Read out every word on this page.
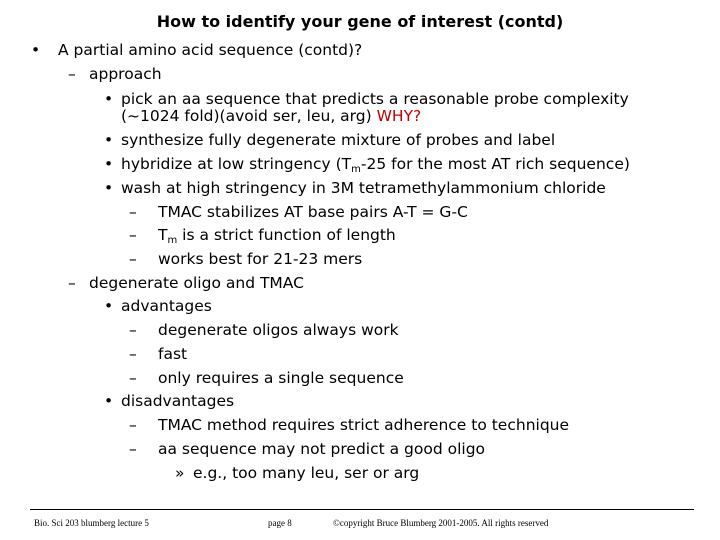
How to identify your gene of interest (contd)
• A partial amino acid sequence (contd)?
– approach
• pick an aa sequence that predicts a reasonable probe complexity
(~1024 fold)(avoid ser, leu, arg) WHY?
• synthesize fully degenerate mixture of probes and label
• hybridize at low stringency ($T_m-25$ for the most AT rich sequence)
• wash at high stringency in 3M tetramethylammonium chloride
– TMAC stabilizes AT base pairs A-T = G-C
– $T_m$ is a strict function of length
– works best for 21-23 mers
– degenerate oligo and TMAC
• advantages
– degenerate oligos always work
– fast
– only requires a single sequence
• disadvantages
– TMAC method requires strict adherence to technique
– aa sequence may not predict a good oligo
» e.g., too many leu, ser or arg
Bio. Sci 203 blumberg lecture 5	page 8	©copyright Bruce Blumberg 2001-2005. All rights reserved
